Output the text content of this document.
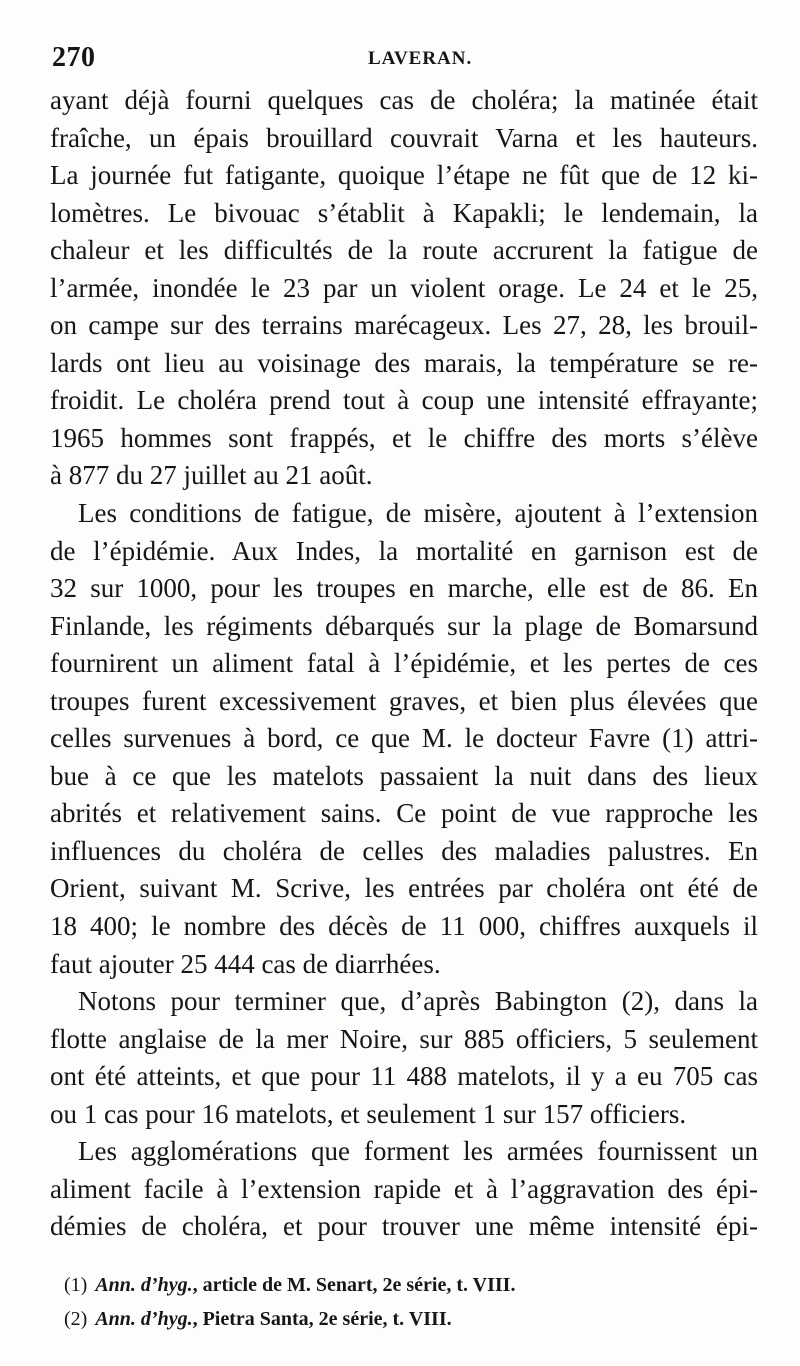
270	LAVERAN.
ayant déjà fourni quelques cas de choléra; la matinée était
fraîche, un épais brouillard couvrait Varna et les hauteurs.
La journée fut fatigante, quoique l’étape ne fût que de 12 ki-
lomètres. Le bivouac s’établit à Kapakli; le lendemain, la
chaleur et les difficultés de la route accrurent la fatigue de
l’armée, inondée le 23 par un violent orage. Le 24 et le 25,
on campe sur des terrains marécageux. Les 27, 28, les brouil-
lards ont lieu au voisinage des marais, la température se re-
froidit. Le choléra prend tout à coup une intensité effrayante;
1965 hommes sont frappés, et le chiffre des morts s’élève
à 877 du 27 juillet au 21 août.
Les conditions de fatigue, de misère, ajoutent à l’extension
de l’épidémie. Aux Indes, la mortalité en garnison est de
32 sur 1000, pour les troupes en marche, elle est de 86. En
Finlande, les régiments débarqués sur la plage de Bomarsund
fournirent un aliment fatal à l’épidémie, et les pertes de ces
troupes furent excessivement graves, et bien plus élevées que
celles survenues à bord, ce que M. le docteur Favre (1) attri-
bue à ce que les matelots passaient la nuit dans des lieux
abrités et relativement sains. Ce point de vue rapproche les
influences du choléra de celles des maladies palustres. En
Orient, suivant M. Scrive, les entrées par choléra ont été de
18 400; le nombre des décès de 11 000, chiffres auxquels il
faut ajouter 25 444 cas de diarrhées.
Notons pour terminer que, d’après Babington (2), dans la
flotte anglaise de la mer Noire, sur 885 officiers, 5 seulement
ont été atteints, et que pour 11 488 matelots, il y a eu 705 cas
ou 1 cas pour 16 matelots, et seulement 1 sur 157 officiers.
Les agglomérations que forment les armées fournissent un
aliment facile à l’extension rapide et à l’aggravation des épi-
démies de choléra, et pour trouver une même intensité épi-
(1) Ann. d’hyg., article de M. Senart, 2e série, t. VIII.
(2) Ann. d’hyg., Pietra Santa, 2e série, t. VIII.
